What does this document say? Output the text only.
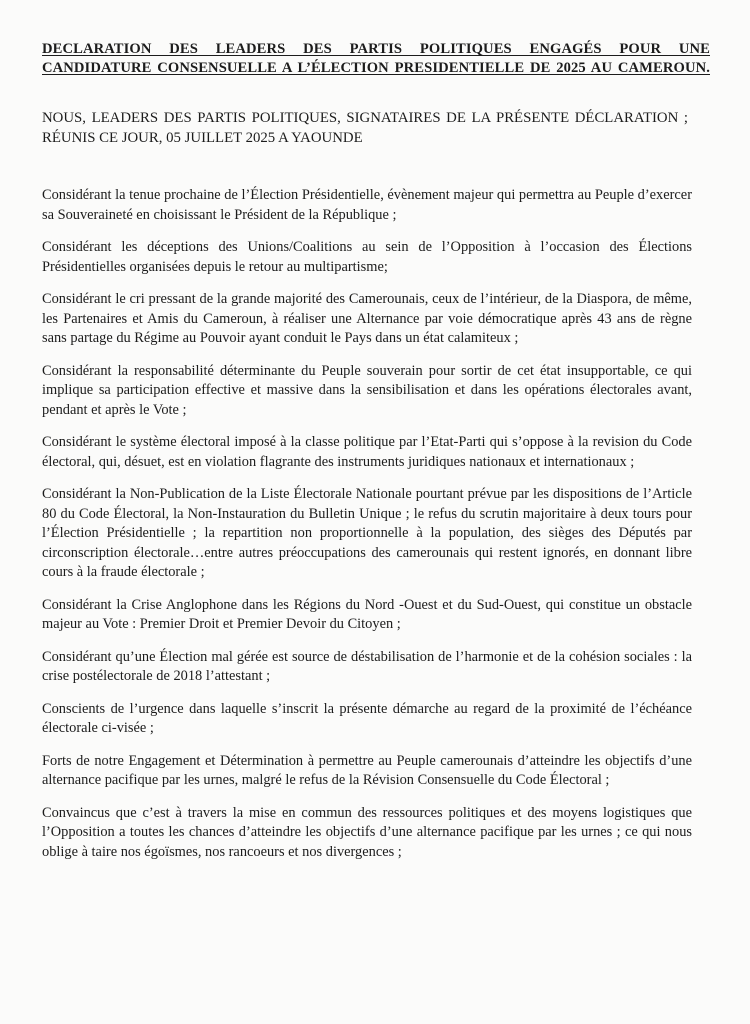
DECLARATION DES LEADERS DES PARTIS POLITIQUES ENGAGÉS POUR UNE CANDIDATURE CONSENSUELLE A L’ÉLECTION PRESIDENTIELLE DE 2025 AU CAMEROUN.

NOUS, LEADERS DES PARTIS POLITIQUES, SIGNATAIRES DE LA PRÉSENTE DÉCLARATION ; RÉUNIS CE JOUR, 05 JUILLET 2025 A YAOUNDE

Considérant la tenue prochaine de l’Élection Présidentielle, évènement majeur qui permettra au Peuple d’exercer sa Souveraineté en choisissant le Président de la République ;

Considérant les déceptions des Unions/Coalitions au sein de l’Opposition à l’occasion des Élections Présidentielles organisées depuis le retour au multipartisme;

Considérant le cri pressant de la grande majorité des Camerounais, ceux de l’intérieur, de la Diaspora, de même, les Partenaires et Amis du Cameroun, à réaliser une Alternance par voie démocratique après 43 ans de règne sans partage du Régime au Pouvoir ayant conduit le Pays dans un état calamiteux ;

Considérant la responsabilité déterminante du Peuple souverain pour sortir de cet état insupportable, ce qui implique sa participation effective et massive dans la sensibilisation et dans les opérations électorales avant, pendant et après le Vote ;

Considérant le système électoral imposé à la classe politique par l’Etat-Parti qui s’oppose à la revision du Code électoral, qui, désuet, est en violation flagrante des instruments juridiques nationaux et internationaux ;

Considérant la Non-Publication de la Liste Électorale Nationale pourtant prévue par les dispositions de l’Article 80 du Code Électoral, la Non-Instauration du Bulletin Unique ; le refus du scrutin majoritaire à deux tours pour l’Élection Présidentielle ; la repartition non proportionnelle à la population, des sièges des Députés par circonscription électorale…entre autres préoccupations des camerounais qui restent ignorés, en donnant libre cours à la fraude électorale ;

Considérant la Crise Anglophone dans les Régions du Nord -Ouest et du Sud-Ouest, qui constitue un obstacle majeur au Vote : Premier Droit et Premier Devoir du Citoyen ;

Considérant qu’une Élection mal gérée est source de déstabilisation de l’harmonie et de la cohésion sociales : la crise postélectorale de 2018 l’attestant ;

Conscients de l’urgence dans laquelle s’inscrit la présente démarche au regard de la proximité de l’échéance électorale ci-visée ;

Forts de notre Engagement et Détermination à permettre au Peuple camerounais d’atteindre les objectifs d’une alternance pacifique par les urnes, malgré le refus de la Révision Consensuelle du Code Électoral ;

Convaincus que c’est à travers la mise en commun des ressources politiques et des moyens logistiques que l’Opposition a toutes les chances d’atteindre les objectifs d’une alternance pacifique par les urnes ; ce qui nous oblige à taire nos égoïsmes, nos rancoeurs et nos divergences ;
